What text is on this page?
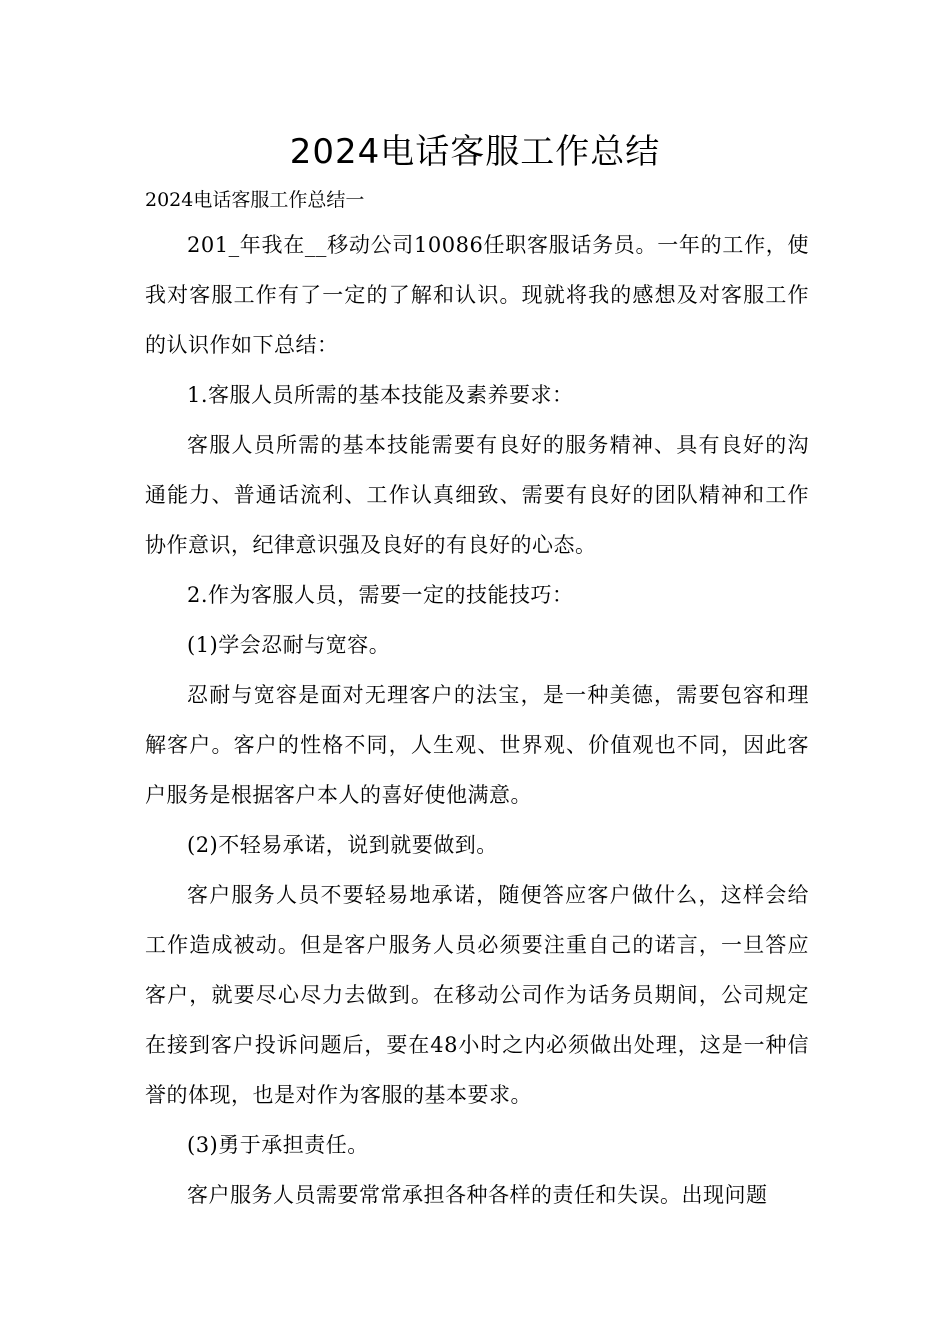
2024电话客服工作总结

2024电话客服工作总结一

201_年我在__移动公司10086任职客服话务员。一年的工作，使我对客服工作有了一定的了解和认识。现就将我的感想及对客服工作的认识作如下总结：

1.客服人员所需的基本技能及素养要求：

客服人员所需的基本技能需要有良好的服务精神、具有良好的沟通能力、普通话流利、工作认真细致、需要有良好的团队精神和工作协作意识，纪律意识强及良好的有良好的心态。

2.作为客服人员，需要一定的技能技巧：

(1)学会忍耐与宽容。

忍耐与宽容是面对无理客户的法宝，是一种美德，需要包容和理解客户。客户的性格不同，人生观、世界观、价值观也不同，因此客户服务是根据客户本人的喜好使他满意。

(2)不轻易承诺，说到就要做到。

客户服务人员不要轻易地承诺，随便答应客户做什么，这样会给工作造成被动。但是客户服务人员必须要注重自己的诺言，一旦答应客户，就要尽心尽力去做到。在移动公司作为话务员期间，公司规定在接到客户投诉问题后，要在48小时之内必须做出处理，这是一种信誉的体现，也是对作为客服的基本要求。

(3)勇于承担责任。

客户服务人员需要常常承担各种各样的责任和失误。出现问题
